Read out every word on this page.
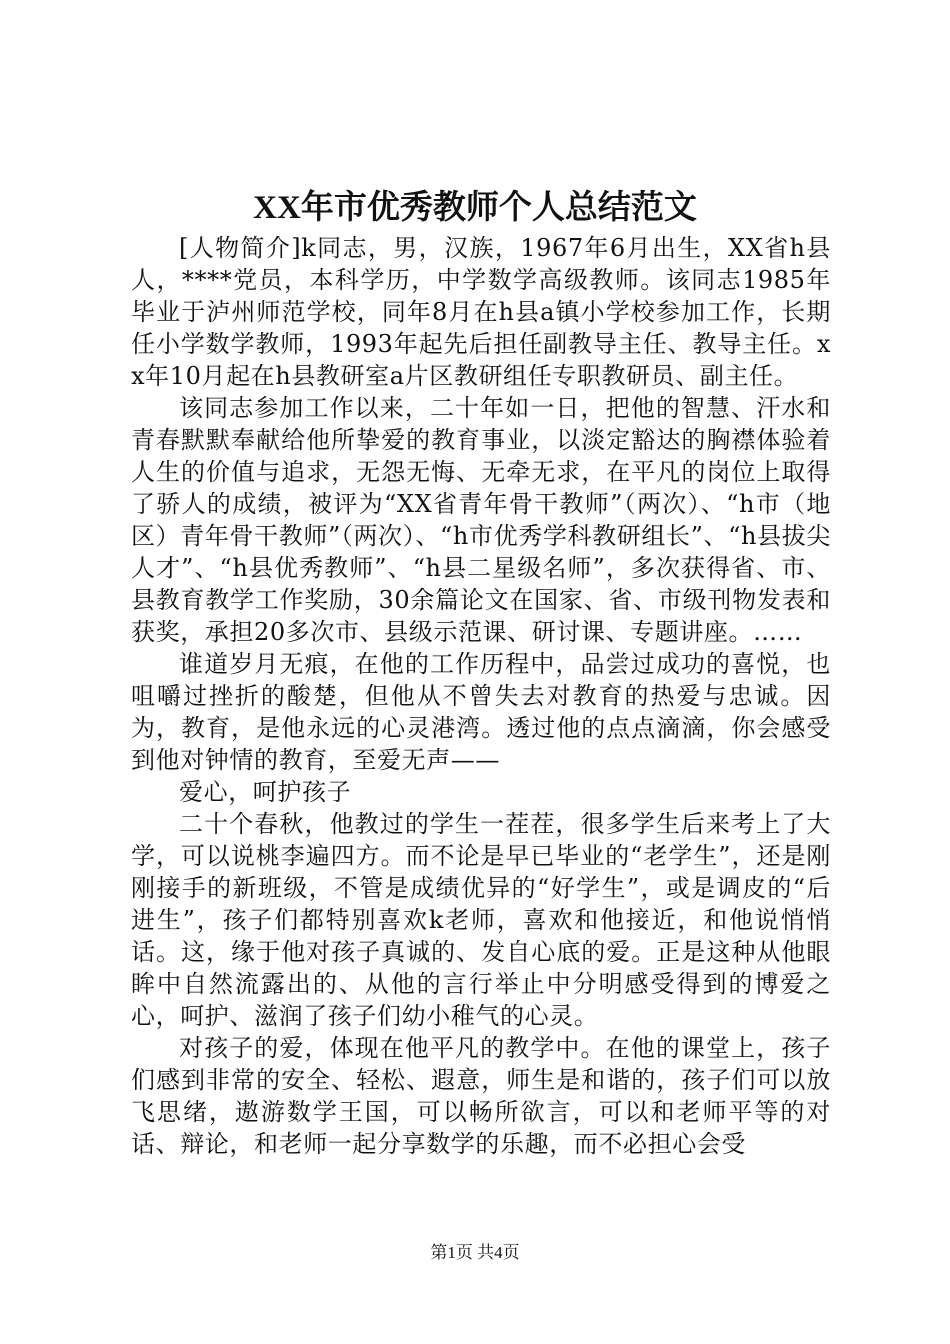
XX年市优秀教师个人总结范文

[人物简介]k同志，男，汉族，1967年6月出生，XX省h县人，****党员，本科学历，中学数学高级教师。该同志1985年毕业于泸州师范学校，同年8月在h县a镇小学校参加工作，长期任小学数学教师，1993年起先后担任副教导主任、教导主任。xx年10月起在h县教研室a片区教研组任专职教研员、副主任。

该同志参加工作以来，二十年如一日，把他的智慧、汗水和青春默默奉献给他所挚爱的教育事业，以淡定豁达的胸襟体验着人生的价值与追求，无怨无悔、无牵无求，在平凡的岗位上取得了骄人的成绩，被评为“XX省青年骨干教师”（两次）、“h市（地区）青年骨干教师”（两次）、“h市优秀学科教研组长”、“h县拔尖人才”、“h县优秀教师”、“h县二星级名师”，多次获得省、市、县教育教学工作奖励，30余篇论文在国家、省、市级刊物发表和获奖，承担20多次市、县级示范课、研讨课、专题讲座。……

谁道岁月无痕，在他的工作历程中，品尝过成功的喜悦，也咀嚼过挫折的酸楚，但他从不曾失去对教育的热爱与忠诚。因为，教育，是他永远的心灵港湾。透过他的点点滴滴，你会感受到他对钟情的教育，至爱无声——

爱心，呵护孩子

二十个春秋，他教过的学生一茬茬，很多学生后来考上了大学，可以说桃李遍四方。而不论是早已毕业的“老学生”，还是刚刚接手的新班级，不管是成绩优异的“好学生”，或是调皮的“后进生”，孩子们都特别喜欢k老师，喜欢和他接近，和他说悄悄话。这，缘于他对孩子真诚的、发自心底的爱。正是这种从他眼眸中自然流露出的、从他的言行举止中分明感受得到的博爱之心，呵护、滋润了孩子们幼小稚气的心灵。

对孩子的爱，体现在他平凡的教学中。在他的课堂上，孩子们感到非常的安全、轻松、遐意，师生是和谐的，孩子们可以放飞思绪，遨游数学王国，可以畅所欲言，可以和老师平等的对话、辩论，和老师一起分享数学的乐趣，而不必担心会受

第1页 共4页
